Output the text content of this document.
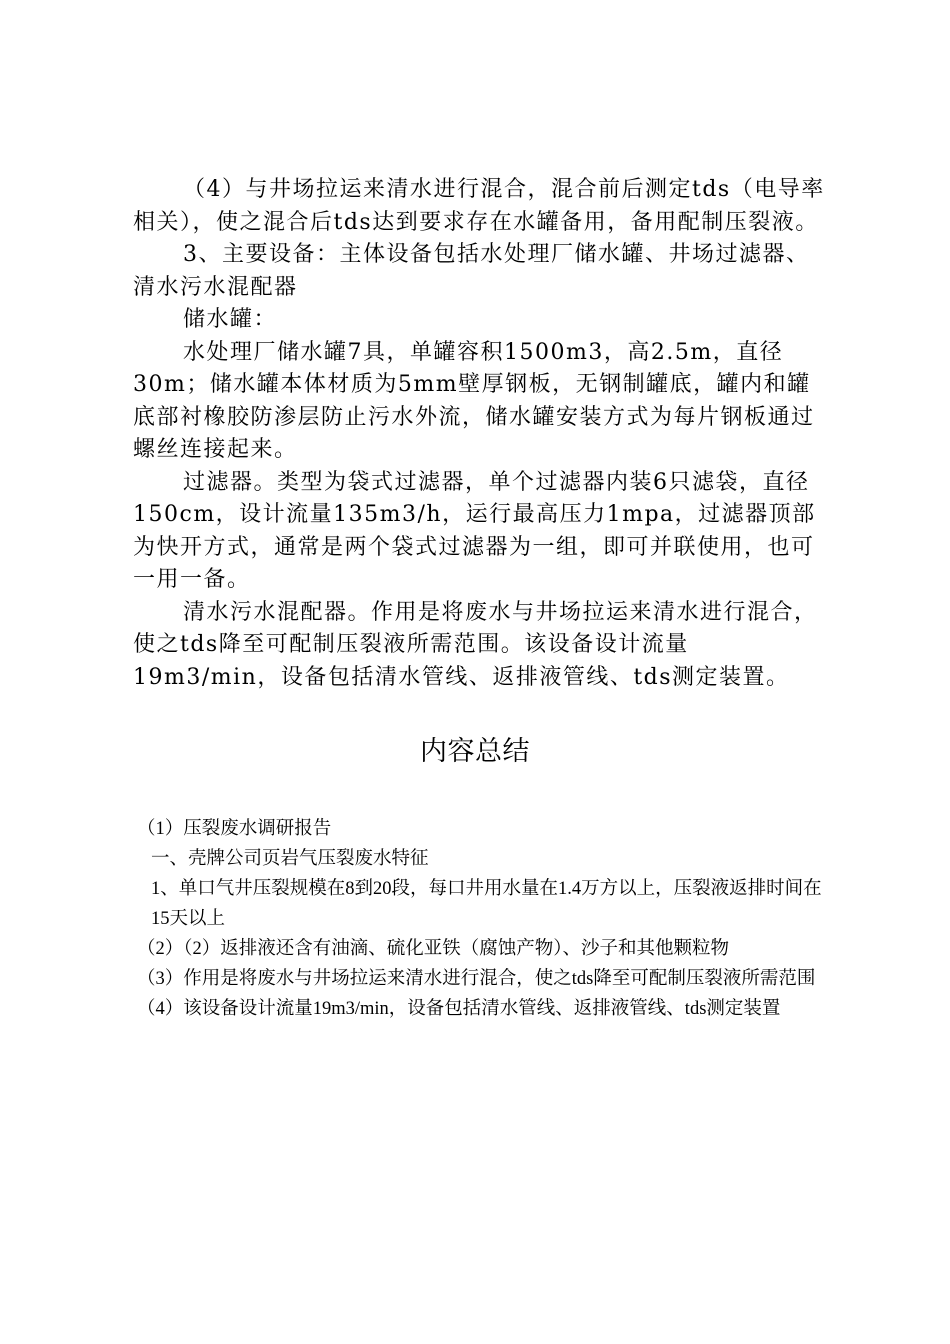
（4）与井场拉运来清水进行混合，混合前后测定tds（电导率相关），使之混合后tds达到要求存在水罐备用，备用配制压裂液。

3、主要设备：主体设备包括水处理厂储水罐、井场过滤器、清水污水混配器

储水罐：

水处理厂储水罐7具，单罐容积1500m3，高2.5m，直径30m；储水罐本体材质为5mm壁厚钢板，无钢制罐底，罐内和罐底部衬橡胶防渗层防止污水外流，储水罐安装方式为每片钢板通过螺丝连接起来。

过滤器。类型为袋式过滤器，单个过滤器内装6只滤袋，直径150cm，设计流量135m3/h，运行最高压力1mpa，过滤器顶部为快开方式，通常是两个袋式过滤器为一组，即可并联使用，也可一用一备。

清水污水混配器。作用是将废水与井场拉运来清水进行混合，使之tds降至可配制压裂液所需范围。该设备设计流量19m3/min，设备包括清水管线、返排液管线、tds测定装置。

内容总结

（1）压裂废水调研报告

一、壳牌公司页岩气压裂废水特征

1、单口气井压裂规模在8到20段，每口井用水量在1.4万方以上，压裂液返排时间在15天以上

（2）（2）返排液还含有油滴、硫化亚铁（腐蚀产物）、沙子和其他颗粒物

（3）作用是将废水与井场拉运来清水进行混合，使之tds降至可配制压裂液所需范围

（4）该设备设计流量19m3/min，设备包括清水管线、返排液管线、tds测定装置
